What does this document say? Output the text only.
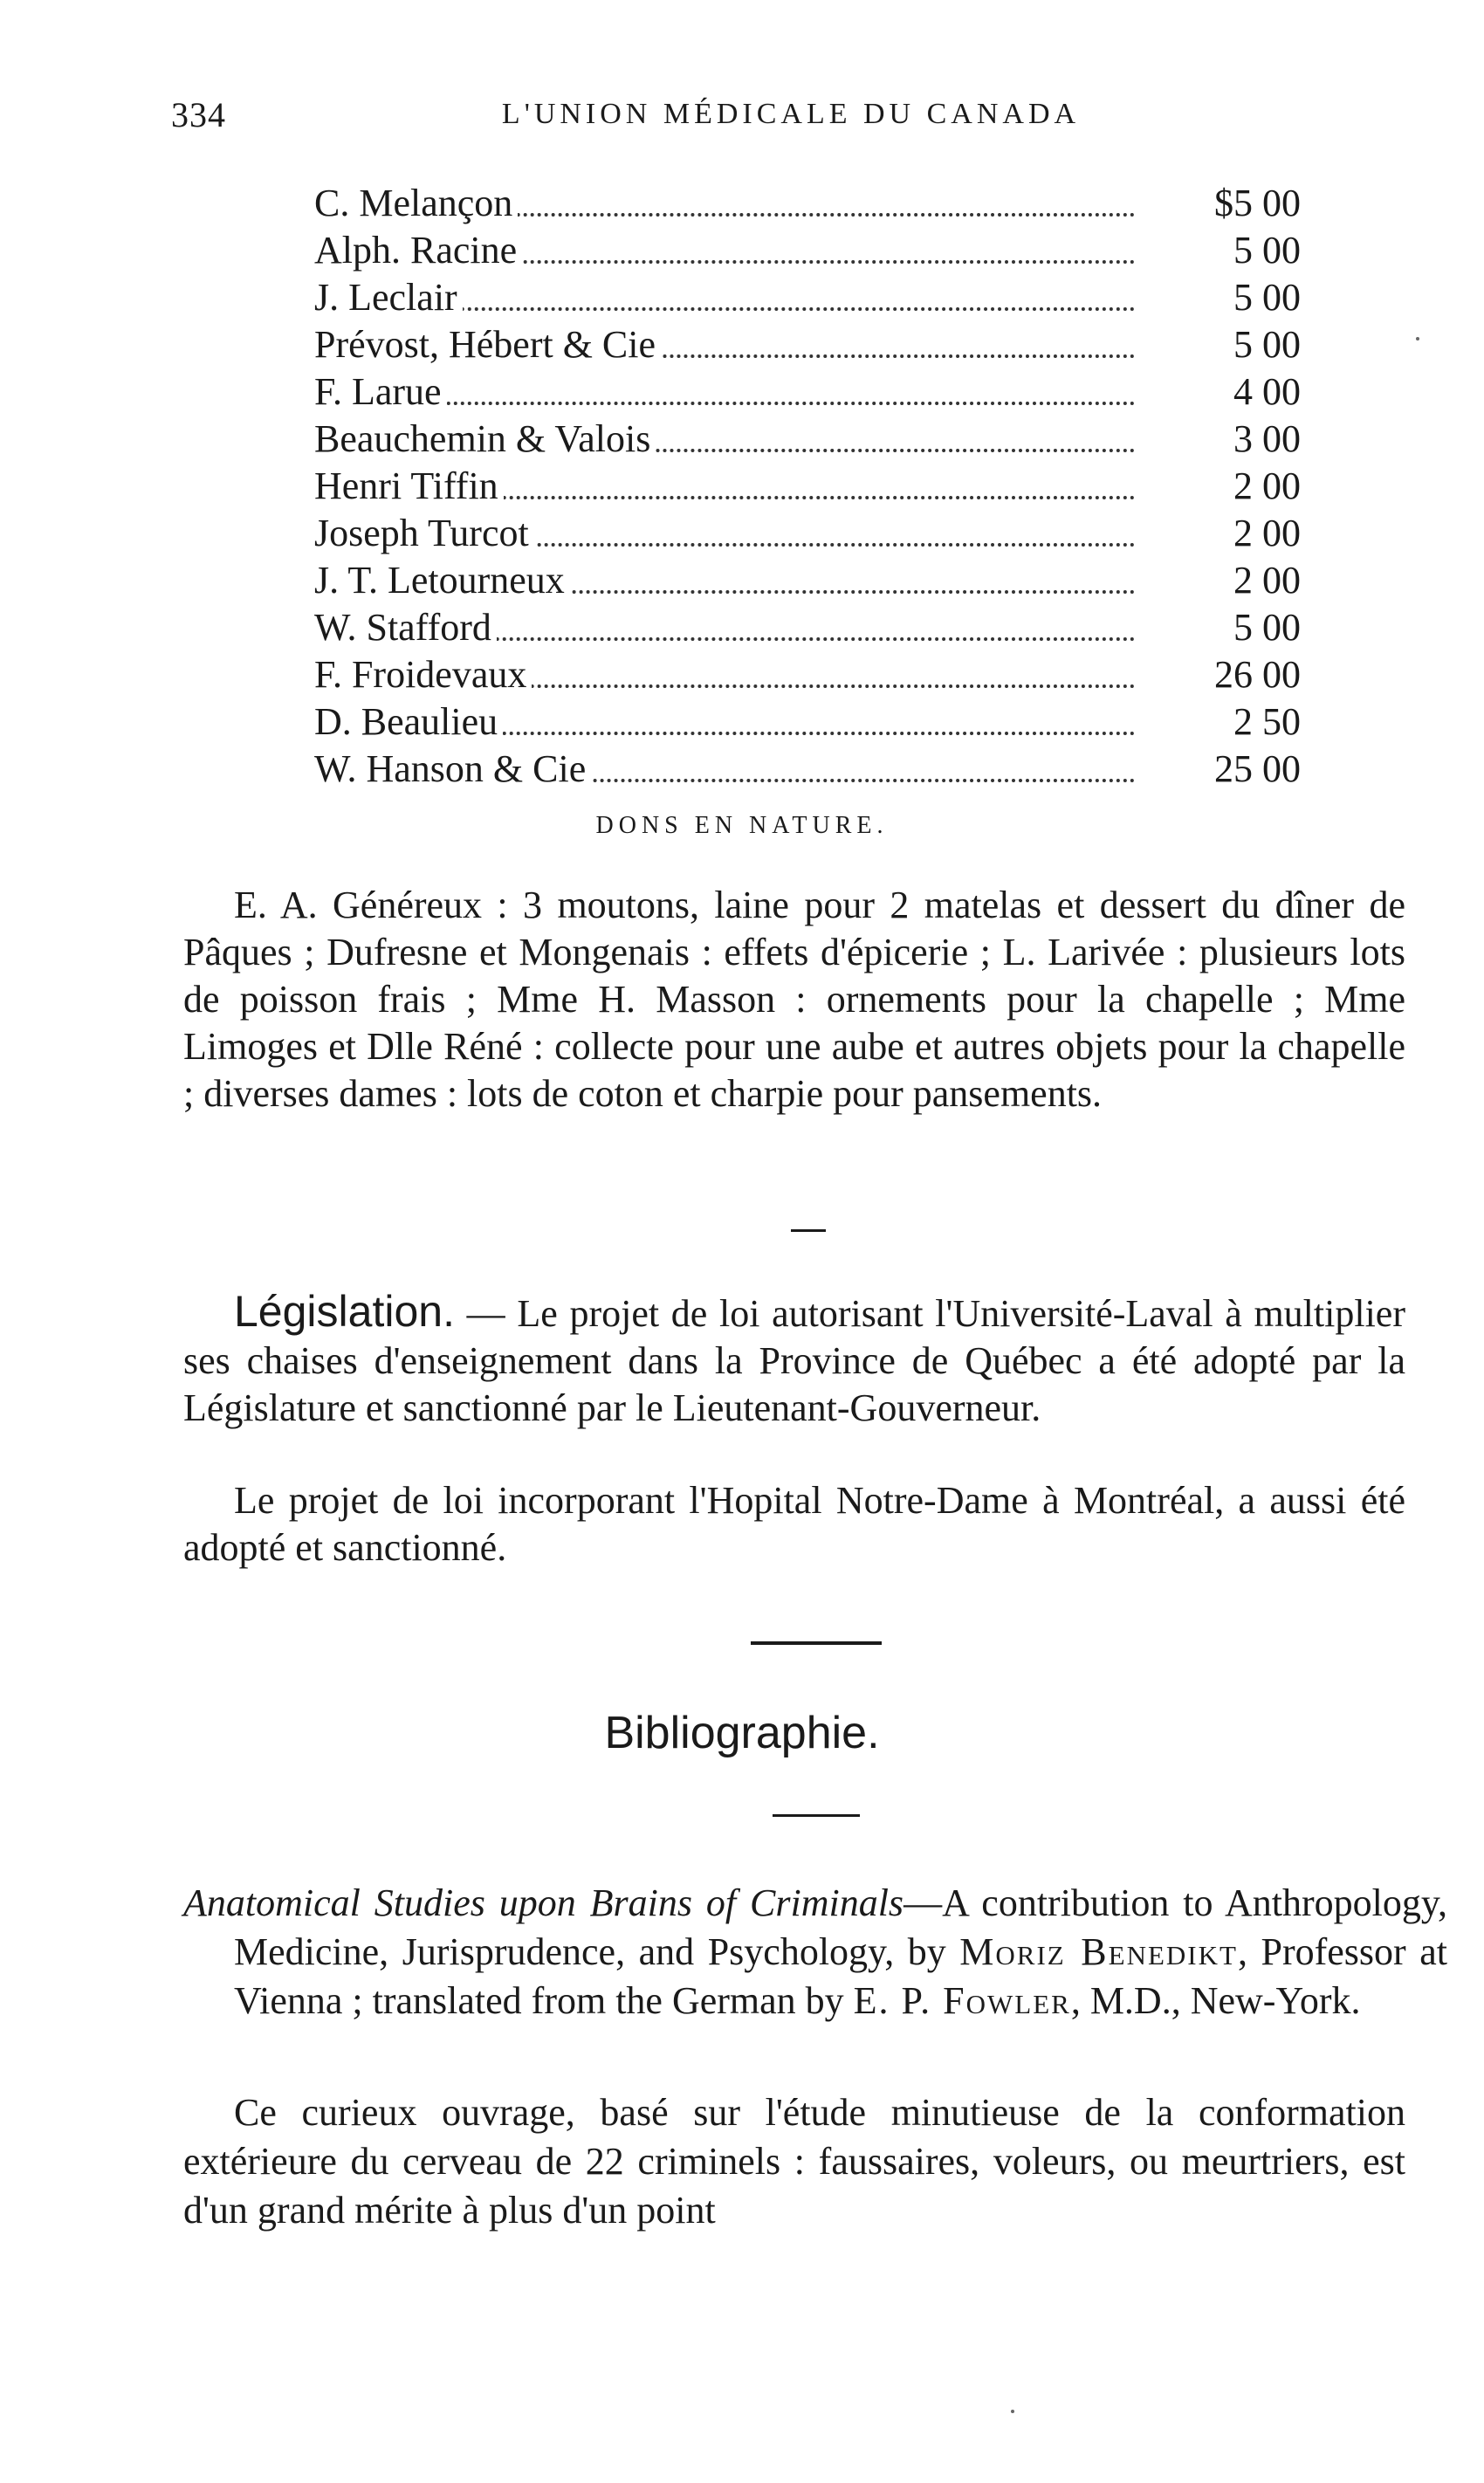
334	L'UNION MÉDICALE DU CANADA
C. Melançon	$5 00
Alph. Racine	5 00
J. Leclair	5 00
Prévost, Hébert & Cie	5 00
F. Larue	4 00
Beauchemin & Valois	3 00
Henri Tiffin	2 00
Joseph Turcot	2 00
J. T. Letourneux	2 00
W. Stafford	5 00
F. Froidevaux	26 00
D. Beaulieu	2 50
W. Hanson & Cie	25 00
DONS EN NATURE.

E. A. Généreux : 3 moutons, laine pour 2 matelas et dessert du dîner de Pâques ; Dufresne et Mongenais : effets d'épicerie ; L. Larivée : plusieurs lots de poisson frais ; Mme H. Masson : ornements pour la chapelle ; Mme Limoges et Dlle Réné : collecte pour une aube et autres objets pour la chapelle ; diverses dames : lots de coton et charpie pour pansements.

Législation. — Le projet de loi autorisant l'Université-Laval à multiplier ses chaises d'enseignement dans la Province de Québec a été adopté par la Législature et sanctionné par le Lieutenant-Gouverneur.

Le projet de loi incorporant l'Hopital Notre-Dame à Montréal, a aussi été adopté et sanctionné.

Bibliographie.

Anatomical Studies upon Brains of Criminals—A contribution to Anthropology, Medicine, Jurisprudence, and Psychology, by Moriz Benedikt, Professor at Vienna ; translated from the German by E. P. Fowler, M.D., New-York.

Ce curieux ouvrage, basé sur l'étude minutieuse de la conformation extérieure du cerveau de 22 criminels : faussaires, voleurs, ou meurtriers, est d'un grand mérite à plus d'un point
